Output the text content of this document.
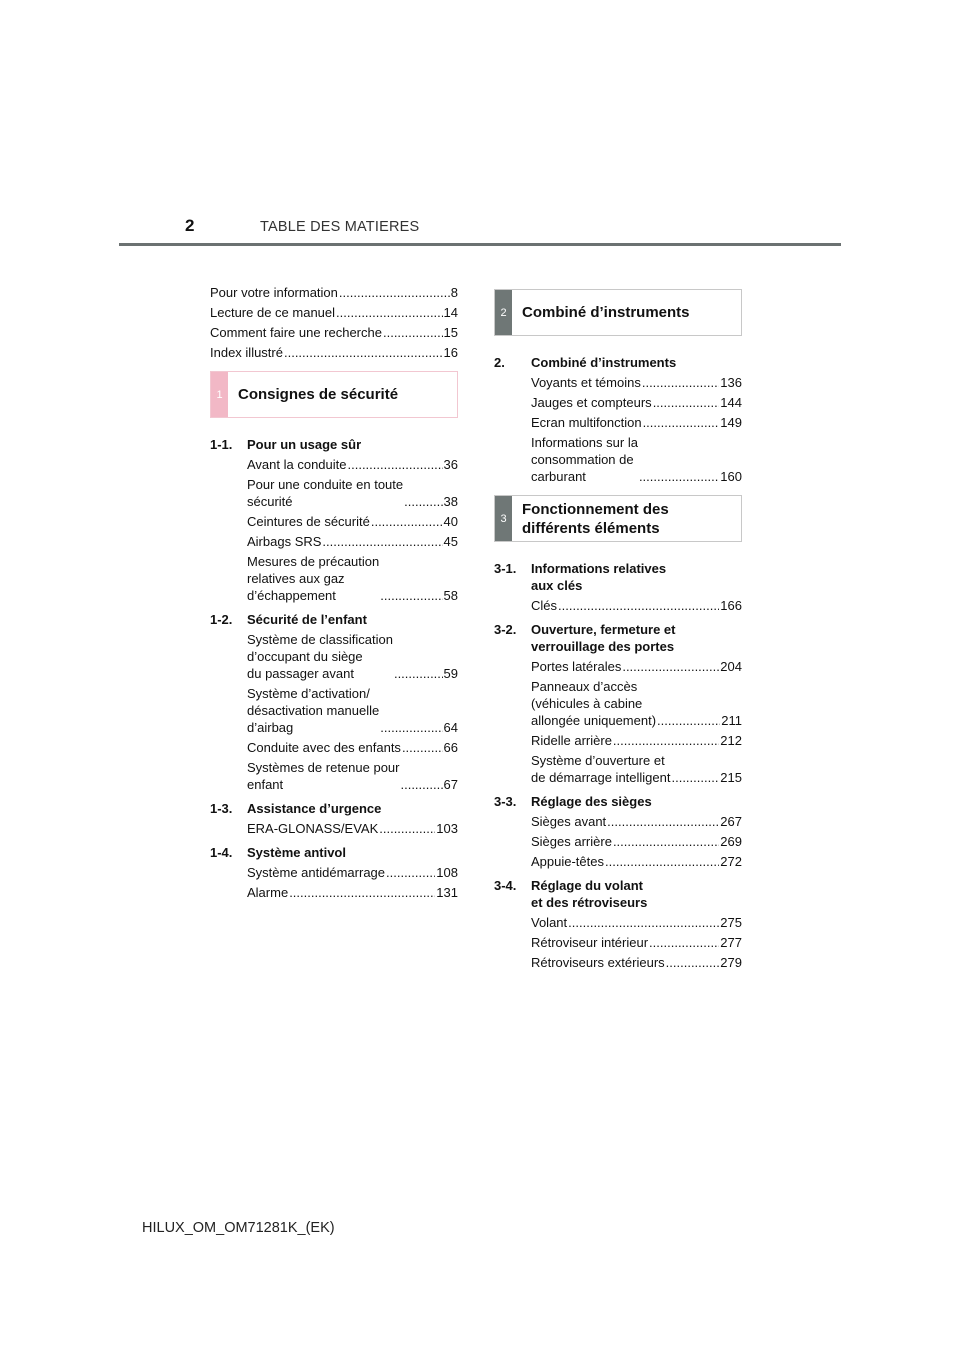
2	TABLE DES MATIERES
Pour votre information .....	8
Lecture de ce manuel .....	14
Comment faire une recherche .....	15
Index illustré .....	16
1	Consignes de sécurité
1-1.	Pour un usage sûr
Avant la conduite .....	36
Pour une conduite en toute
sécurité .....	38
Ceintures de sécurité .....	40
Airbags SRS .....	45
Mesures de précaution
relatives aux gaz
d’échappement .....	58
1-2.	Sécurité de l’enfant
Système de classification
d’occupant du siège
du passager avant .....	59
Système d’activation/
désactivation manuelle
d’airbag .....	64
Conduite avec des enfants .....	66
Systèmes de retenue pour
enfant .....	67
1-3.	Assistance d’urgence
ERA-GLONASS/EVAK .....	103
1-4.	Système antivol
Système antidémarrage .....	108
Alarme .....	131
2	Combiné d’instruments
2.	Combiné d’instruments
Voyants et témoins .....	136
Jauges et compteurs .....	144
Ecran multifonction .....	149
Informations sur la
consommation de
carburant .....	160
3
Fonctionnement des
différents éléments
3-1.	Informations relatives
aux clés
Clés .....	166
3-2.	Ouverture, fermeture et
verrouillage des portes
Portes latérales .....	204
Panneaux d’accès
(véhicules à cabine
allongée uniquement) .....	211
Ridelle arrière .....	212
Système d’ouverture et
de démarrage intelligent .....	215
3-3.	Réglage des sièges
Sièges avant .....	267
Sièges arrière .....	269
Appuie-têtes .....	272
3-4.	Réglage du volant
et des rétroviseurs
Volant .....	275
Rétroviseur intérieur .....	277
Rétroviseurs extérieurs .....	279
HILUX_OM_OM71281K_(EK)
